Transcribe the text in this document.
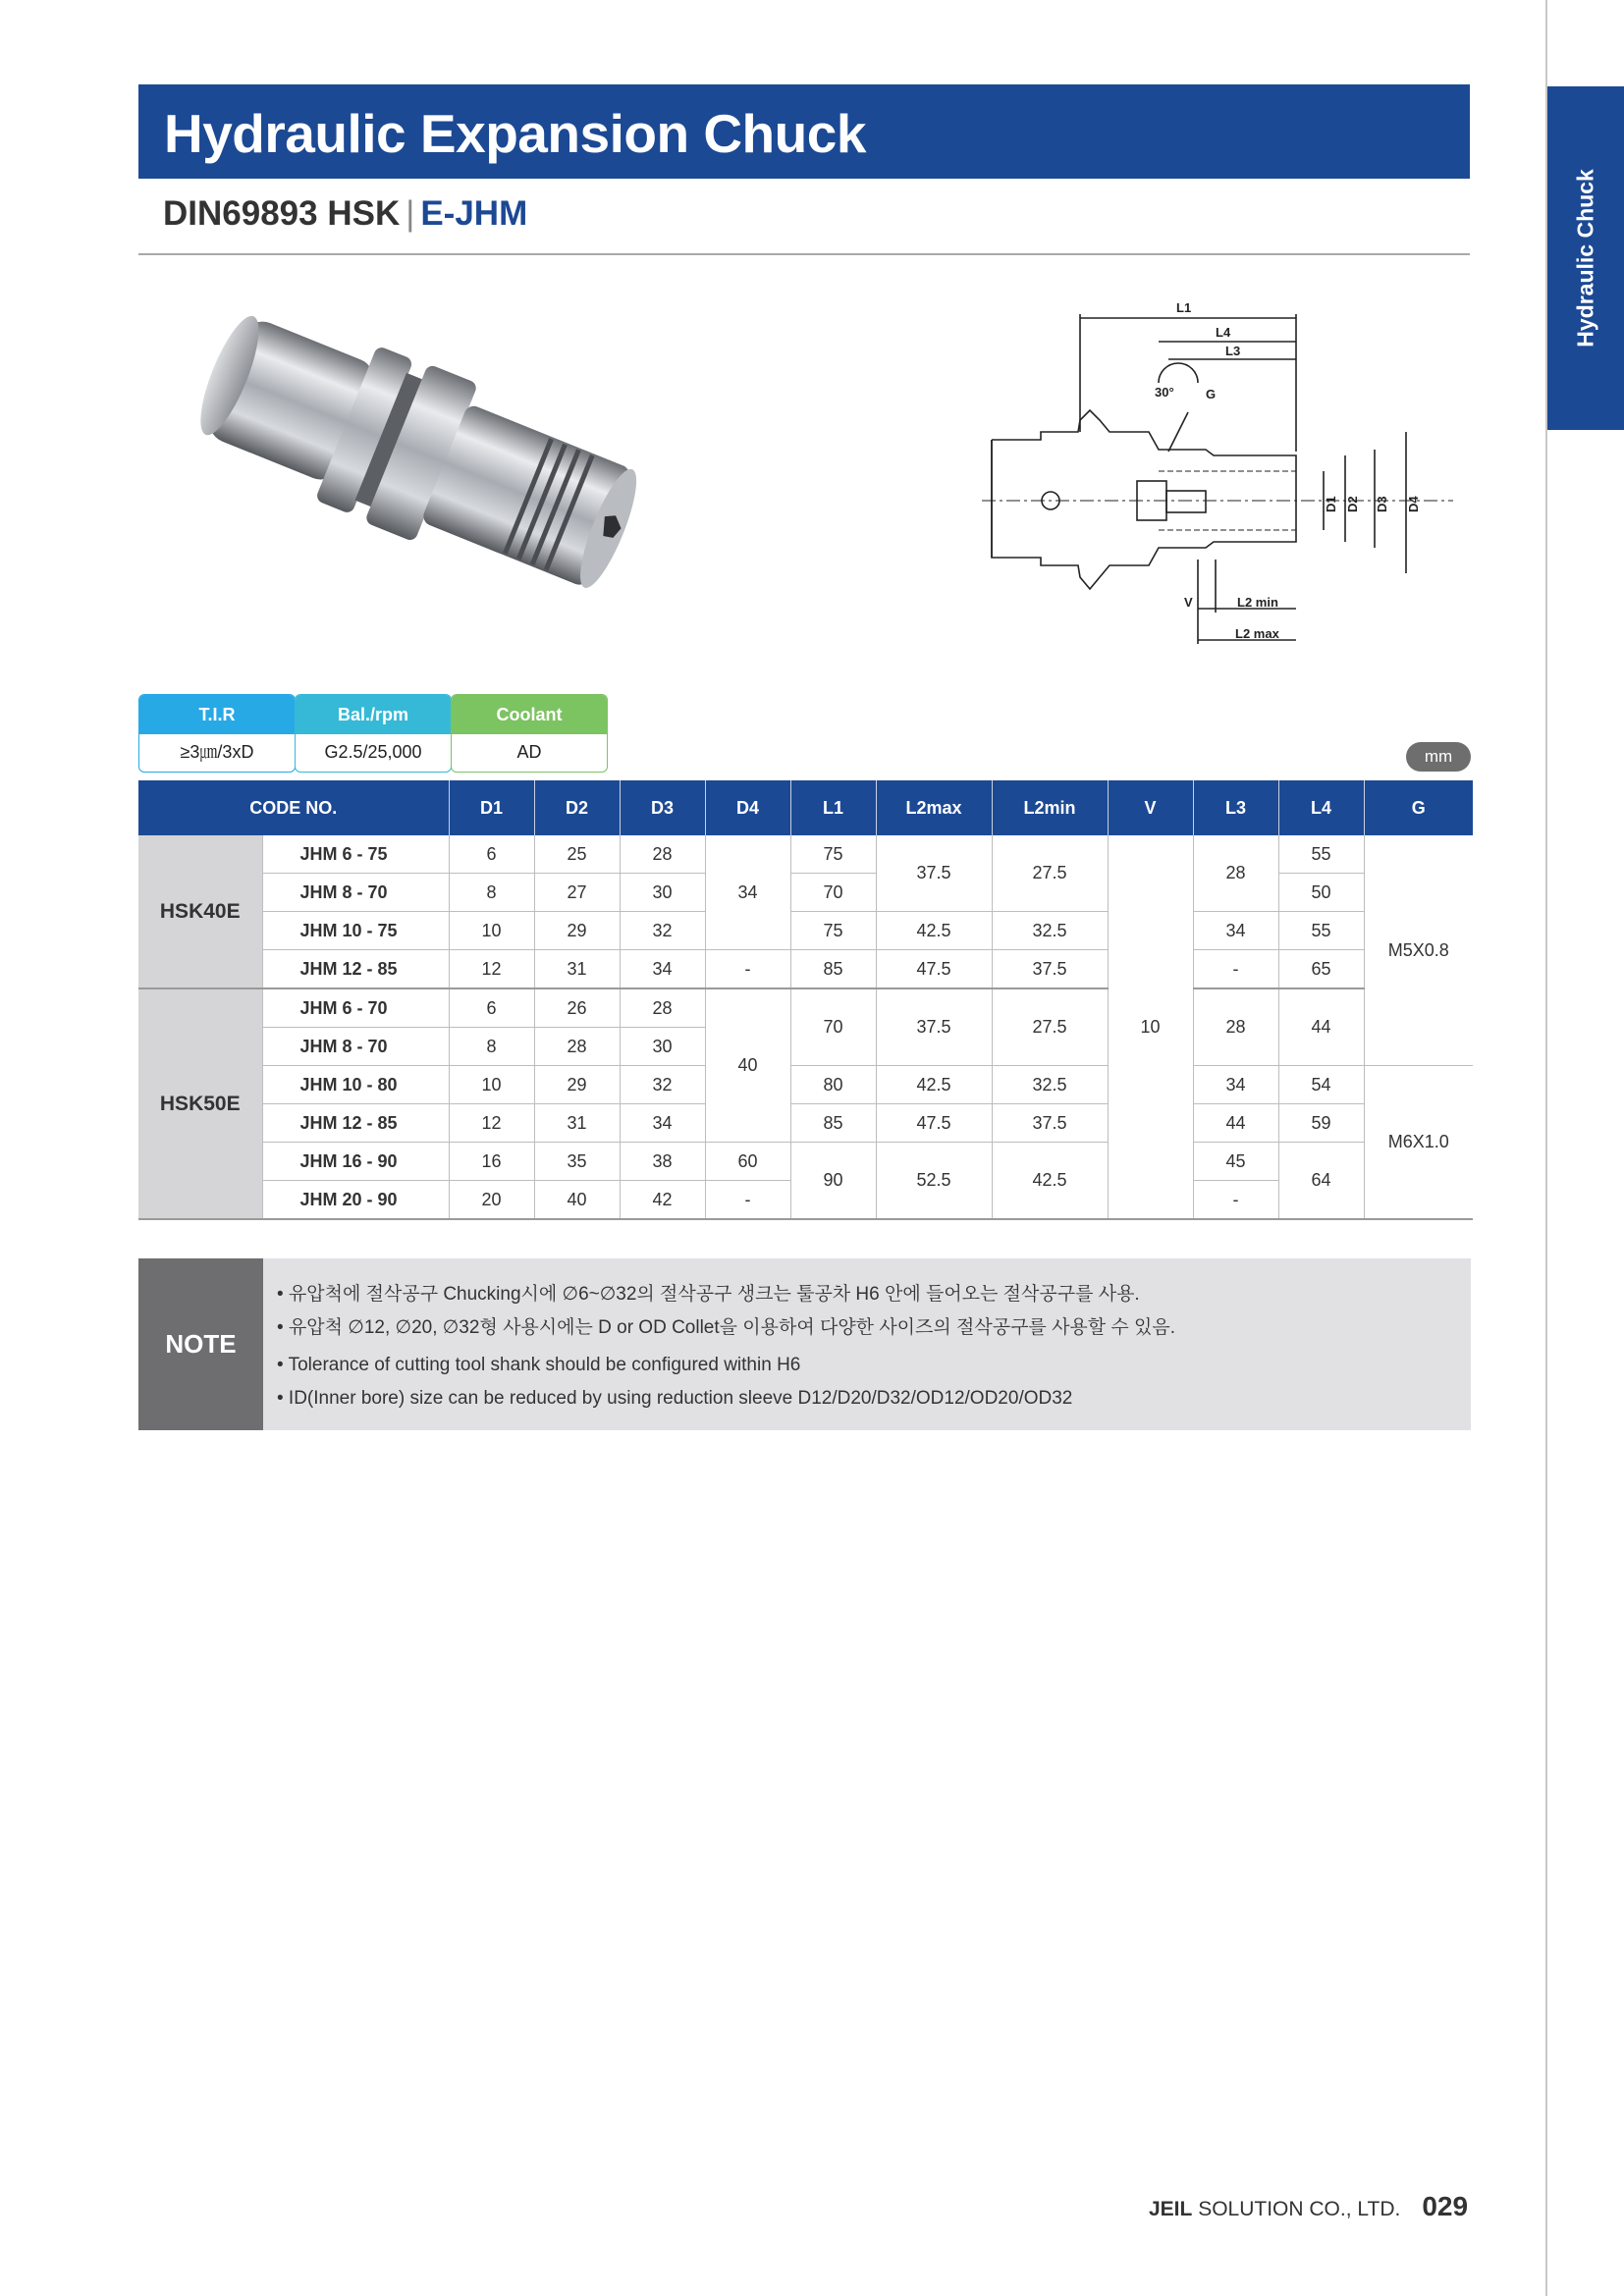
Hydraulic Chuck
Hydraulic Expansion Chuck
DIN69893 HSK | E-JHM
L1
L4
L3
30° G
V	L2 min
L2 max
D1 D2 D3 D4
T.I.R
≥3㎛/3xD
Bal./rpm
G2.5/25,000
Coolant
AD	mm
CODE NO.		D1	D2	D3	D4	L1	L2max	L2min	V	L3	L4	G
HSK40E	JHM 6 - 75	6	25	28	34	75	37.5	27.5	10	28	55	M5X0.8
	JHM 8 - 70	8	27	30		70					50	
	JHM 10 - 75	10	29	32		75	42.5	32.5		34	55	
	JHM 12 - 85	12	31	34	-	85	47.5	37.5		-	65	
HSK50E	JHM 6 - 70	6	26	28	40	70	37.5	27.5		28	44	
	JHM 8 - 70	8	28	30								
	JHM 10 - 80	10	29	32		80	42.5	32.5		34	54	M6X1.0
	JHM 12 - 85	12	31	34		85	47.5	37.5		44	59	
	JHM 16 - 90	16	35	38	60	90	52.5	42.5		45	64	
	JHM 20 - 90	20	40	42	-					-		
NOTE
• 유압척에 절삭공구 Chucking시에 ∅6~∅32의 절삭공구 생크는 툴공차 H6 안에 들어오는 절삭공구를 사용.
• 유압척 ∅12, ∅20, ∅32형 사용시에는 D or OD Collet을 이용하여 다양한 사이즈의 절삭공구를 사용할 수 있음.
• Tolerance of cutting tool shank should be configured within H6
• ID(Inner bore) size can be reduced by using reduction sleeve D12/D20/D32/OD12/OD20/OD32
JEIL SOLUTION CO., LTD. 029
